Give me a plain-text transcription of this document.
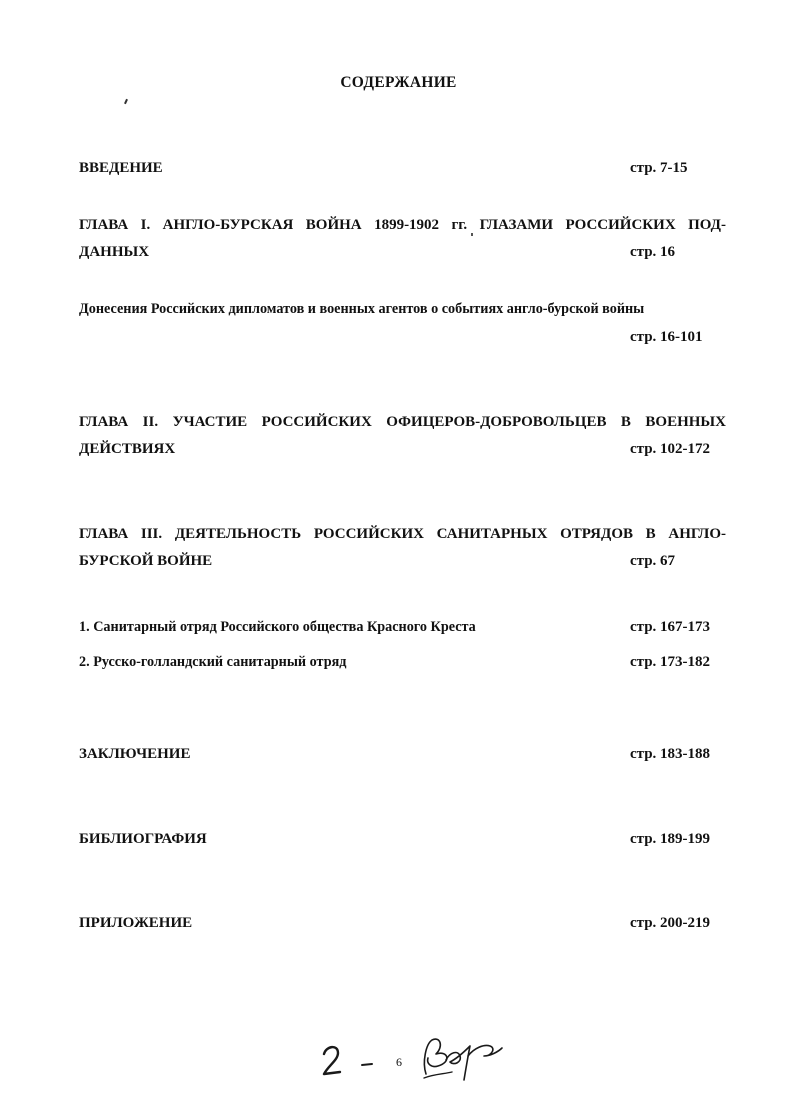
СОДЕРЖАНИЕ
ВВЕДЕНИЕ	стр. 7-15
ГЛАВА I. АНГЛО-БУРСКАЯ ВОЙНА 1899-1902 гг. ГЛАЗАМИ РОССИЙСКИХ ПОД-
ДАННЫХ	стр. 16
Донесения Российских дипломатов и военных агентов о событиях англо-бурской войны
стр. 16-101
ГЛАВА II. УЧАСТИЕ РОССИЙСКИХ ОФИЦЕРОВ-ДОБРОВОЛЬЦЕВ В ВОЕННЫХ
ДЕЙСТВИЯХ	стр. 102-172
ГЛАВА III. ДЕЯТЕЛЬНОСТЬ РОССИЙСКИХ САНИТАРНЫХ ОТРЯДОВ В АНГЛО-
БУРСКОЙ ВОЙНЕ	стр. 67
1. Санитарный отряд Российского общества Красного Креста	стр. 167-173
2. Русско-голландский санитарный отряд	стр. 173-182
ЗАКЛЮЧЕНИЕ	стр. 183-188
БИБЛИОГРАФИЯ	стр. 189-199
ПРИЛОЖЕНИЕ	стр. 200-219
6
